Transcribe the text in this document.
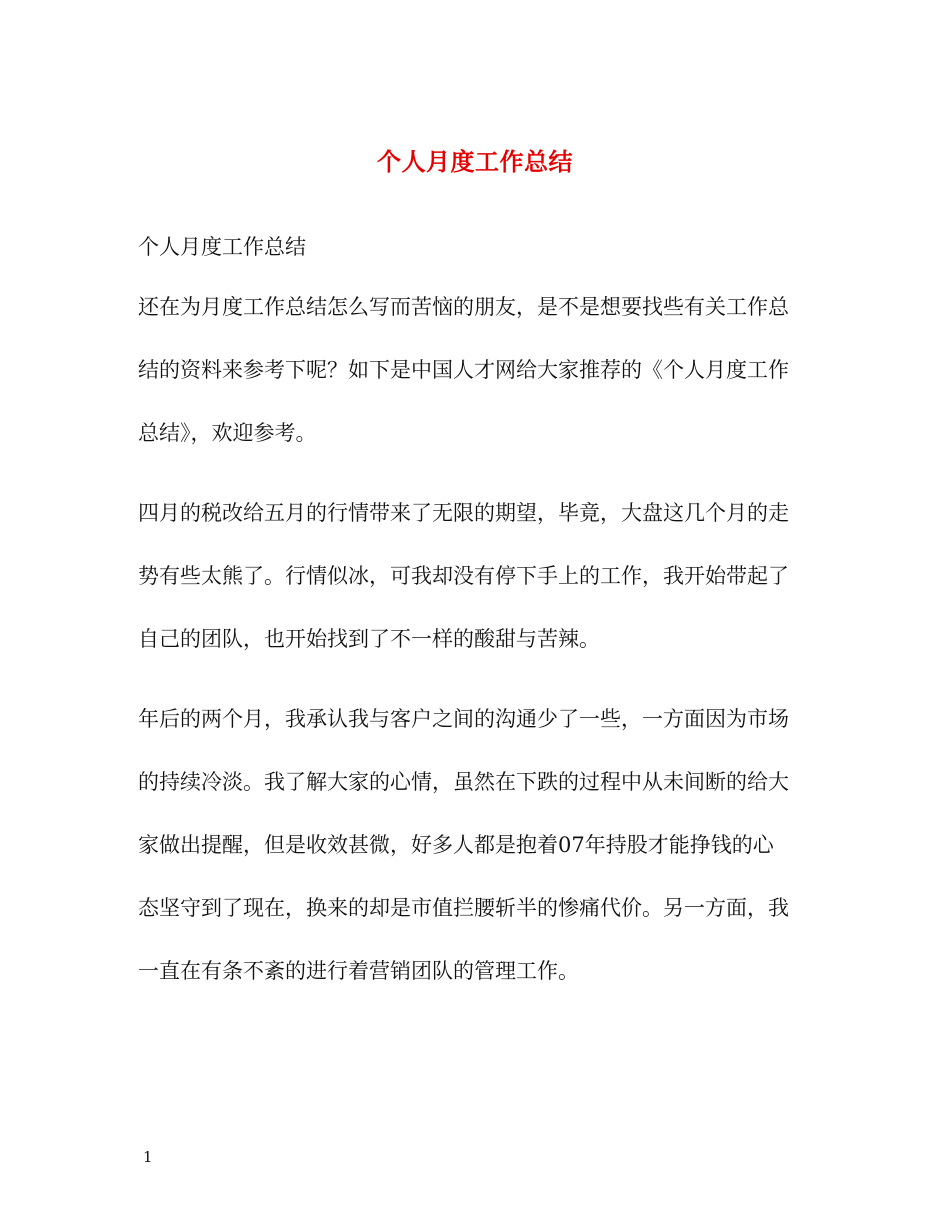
个人月度工作总结
个人月度工作总结
还在为月度工作总结怎么写而苦恼的朋友，是不是想要找些有关工作总
结的资料来参考下呢？如下是中国人才网给大家推荐的《个人月度工作
总结》，欢迎参考。
四月的税改给五月的行情带来了无限的期望，毕竟，大盘这几个月的走
势有些太熊了。行情似冰，可我却没有停下手上的工作，我开始带起了
自己的团队，也开始找到了不一样的酸甜与苦辣。
年后的两个月，我承认我与客户之间的沟通少了一些，一方面因为市场
的持续冷淡。我了解大家的心情，虽然在下跌的过程中从未间断的给大
家做出提醒，但是收效甚微，好多人都是抱着07年持股才能挣钱的心
态坚守到了现在，换来的却是市值拦腰斩半的惨痛代价。另一方面，我
一直在有条不紊的进行着营销团队的管理工作。
1
